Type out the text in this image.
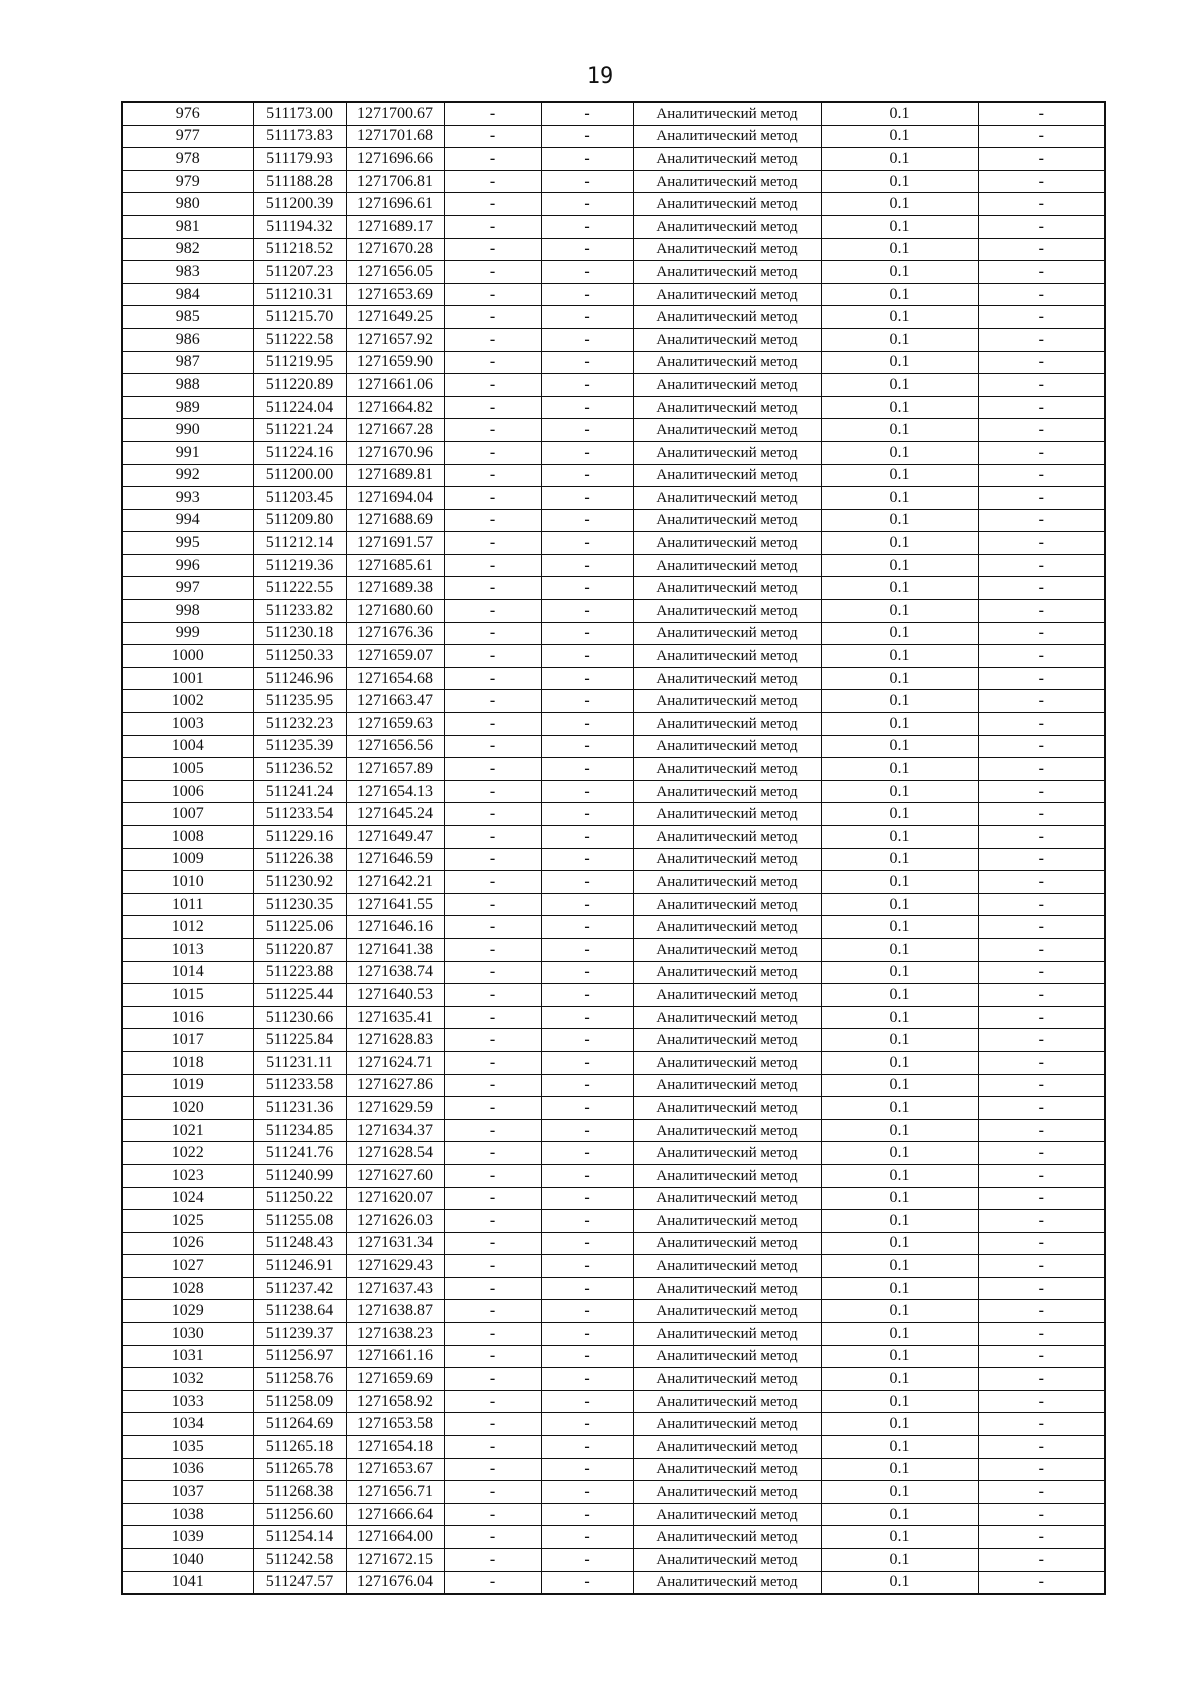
19
976	511173.00	1271700.67	-	-	Аналитический метод	0.1	-
977	511173.83	1271701.68	-	-	Аналитический метод	0.1	-
978	511179.93	1271696.66	-	-	Аналитический метод	0.1	-
979	511188.28	1271706.81	-	-	Аналитический метод	0.1	-
980	511200.39	1271696.61	-	-	Аналитический метод	0.1	-
981	511194.32	1271689.17	-	-	Аналитический метод	0.1	-
982	511218.52	1271670.28	-	-	Аналитический метод	0.1	-
983	511207.23	1271656.05	-	-	Аналитический метод	0.1	-
984	511210.31	1271653.69	-	-	Аналитический метод	0.1	-
985	511215.70	1271649.25	-	-	Аналитический метод	0.1	-
986	511222.58	1271657.92	-	-	Аналитический метод	0.1	-
987	511219.95	1271659.90	-	-	Аналитический метод	0.1	-
988	511220.89	1271661.06	-	-	Аналитический метод	0.1	-
989	511224.04	1271664.82	-	-	Аналитический метод	0.1	-
990	511221.24	1271667.28	-	-	Аналитический метод	0.1	-
991	511224.16	1271670.96	-	-	Аналитический метод	0.1	-
992	511200.00	1271689.81	-	-	Аналитический метод	0.1	-
993	511203.45	1271694.04	-	-	Аналитический метод	0.1	-
994	511209.80	1271688.69	-	-	Аналитический метод	0.1	-
995	511212.14	1271691.57	-	-	Аналитический метод	0.1	-
996	511219.36	1271685.61	-	-	Аналитический метод	0.1	-
997	511222.55	1271689.38	-	-	Аналитический метод	0.1	-
998	511233.82	1271680.60	-	-	Аналитический метод	0.1	-
999	511230.18	1271676.36	-	-	Аналитический метод	0.1	-
1000	511250.33	1271659.07	-	-	Аналитический метод	0.1	-
1001	511246.96	1271654.68	-	-	Аналитический метод	0.1	-
1002	511235.95	1271663.47	-	-	Аналитический метод	0.1	-
1003	511232.23	1271659.63	-	-	Аналитический метод	0.1	-
1004	511235.39	1271656.56	-	-	Аналитический метод	0.1	-
1005	511236.52	1271657.89	-	-	Аналитический метод	0.1	-
1006	511241.24	1271654.13	-	-	Аналитический метод	0.1	-
1007	511233.54	1271645.24	-	-	Аналитический метод	0.1	-
1008	511229.16	1271649.47	-	-	Аналитический метод	0.1	-
1009	511226.38	1271646.59	-	-	Аналитический метод	0.1	-
1010	511230.92	1271642.21	-	-	Аналитический метод	0.1	-
1011	511230.35	1271641.55	-	-	Аналитический метод	0.1	-
1012	511225.06	1271646.16	-	-	Аналитический метод	0.1	-
1013	511220.87	1271641.38	-	-	Аналитический метод	0.1	-
1014	511223.88	1271638.74	-	-	Аналитический метод	0.1	-
1015	511225.44	1271640.53	-	-	Аналитический метод	0.1	-
1016	511230.66	1271635.41	-	-	Аналитический метод	0.1	-
1017	511225.84	1271628.83	-	-	Аналитический метод	0.1	-
1018	511231.11	1271624.71	-	-	Аналитический метод	0.1	-
1019	511233.58	1271627.86	-	-	Аналитический метод	0.1	-
1020	511231.36	1271629.59	-	-	Аналитический метод	0.1	-
1021	511234.85	1271634.37	-	-	Аналитический метод	0.1	-
1022	511241.76	1271628.54	-	-	Аналитический метод	0.1	-
1023	511240.99	1271627.60	-	-	Аналитический метод	0.1	-
1024	511250.22	1271620.07	-	-	Аналитический метод	0.1	-
1025	511255.08	1271626.03	-	-	Аналитический метод	0.1	-
1026	511248.43	1271631.34	-	-	Аналитический метод	0.1	-
1027	511246.91	1271629.43	-	-	Аналитический метод	0.1	-
1028	511237.42	1271637.43	-	-	Аналитический метод	0.1	-
1029	511238.64	1271638.87	-	-	Аналитический метод	0.1	-
1030	511239.37	1271638.23	-	-	Аналитический метод	0.1	-
1031	511256.97	1271661.16	-	-	Аналитический метод	0.1	-
1032	511258.76	1271659.69	-	-	Аналитический метод	0.1	-
1033	511258.09	1271658.92	-	-	Аналитический метод	0.1	-
1034	511264.69	1271653.58	-	-	Аналитический метод	0.1	-
1035	511265.18	1271654.18	-	-	Аналитический метод	0.1	-
1036	511265.78	1271653.67	-	-	Аналитический метод	0.1	-
1037	511268.38	1271656.71	-	-	Аналитический метод	0.1	-
1038	511256.60	1271666.64	-	-	Аналитический метод	0.1	-
1039	511254.14	1271664.00	-	-	Аналитический метод	0.1	-
1040	511242.58	1271672.15	-	-	Аналитический метод	0.1	-
1041	511247.57	1271676.04	-	-	Аналитический метод	0.1	-
